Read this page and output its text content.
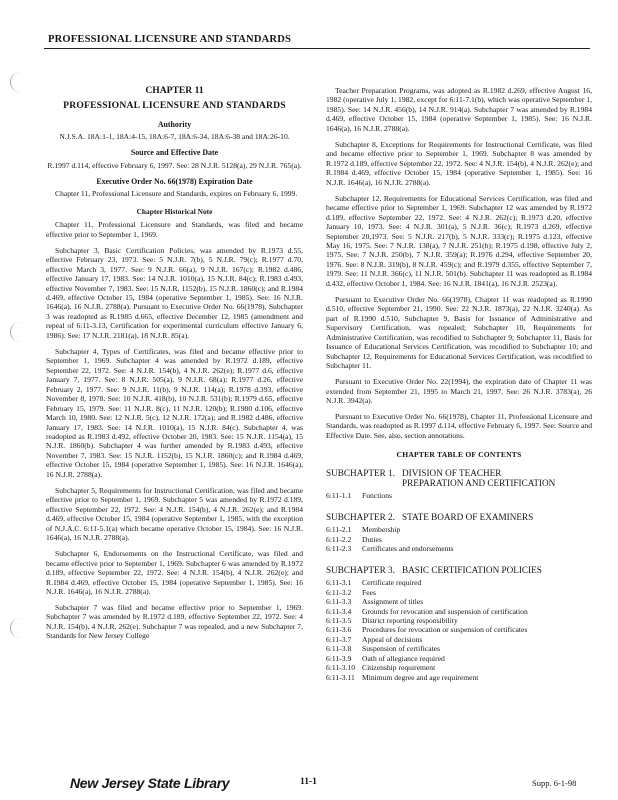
PROFESSIONAL LICENSURE AND STANDARDS
CHAPTER 11
PROFESSIONAL LICENSURE AND STANDARDS
Authority

N.J.S.A. 18A:1-1, 18A:4-15, 18A:6-7, 18A:6-34, 18A:6-38 and 18A:26-10.

Source and Effective Date

R.1997 d.114, effective February 6, 1997. See: 28 N.J.R. 5128(a), 29 N.J.R. 765(a).

Executive Order No. 66(1978) Expiration Date

Chapter 11, Professional Licensure and Standards, expires on February 6, 1999.

Chapter Historical Note

Chapter 11, Professional Licensure and Standards, was filed and became effective prior to September 1, 1969.

Subchapter 3, Basic Certification Policies, was amended by R.1973 d.55, effective February 23, 1973. See: 5 N.J.R. 7(b), 5 N.J.R. 79(c); R.1977 d.70, effective March 3, 1977. See: 9 N.J.R. 66(a), 9 N.J.R. 167(c); R.1982 d.486, effective January 17, 1983. See: 14 N.J.R. 1010(a), 15 N.J.R. 84(c); R.1983 d.493, effective November 7, 1983. See: 15 N.J.R. 1152(b), 15 N.J.R. 1860(c); and R.1984 d.469, effective October 15, 1984 (operative September 1, 1985). See: 16 N.J.R. 1646(a), 16 N.J.R. 2788(a). Pursuant to Executive Order No. 66(1978), Subchapter 3 was readopted as R.1985 d.665, effective December 12, 1985 (amendment and repeal of 6:11-3.13, Certification for experimental curriculum effective January 6, 1986). See: 17 N.J.R. 2181(a), 18 N.J.R. 85(a).

Subchapter 4, Types of Certificates, was filed and became effective prior to September 1, 1969. Subchapter 4 was amended by R.1972 d.189, effective September 22, 1972. See: 4 N.J.R. 154(b), 4 N.J.R. 262(e); R.1977 d.6, effective January 7, 1977. See: 8 N.J.R. 505(a), 9 N.J.R. 68(a); R.1977 d.26, effective February 2, 1977. See: 9 N.J.R. 11(b), 9 N.J.R. 114(a); R.1978 d.393, effective November 8, 1978. See: 10 N.J.R. 418(b), 10 N.J.R. 531(b); R.1979 d.65, effective February 15, 1979. See: 11 N.J.R. 8(c), 11 N.J.R. 120(b); R.1980 d.106, effective March 10, 1980. See: 12 N.J.R. 5(c), 12 N.J.R. 172(a); and R.1982 d.486, effective January 17, 1983. See: 14 N.J.R. 1010(a), 15 N.J.R. 84(c). Subchapter 4, was readopted as R.1983 d.492, effective October 20, 1983. See: 15 N.J.R. 1154(a), 15 N.J.R. 1860(b). Subchapter 4 was further amended by R.1983 d.493, effective November 7, 1983. See: 15 N.J.R. 1152(b), 15 N.J.R. 1860(c); and R.1984 d.469, effective October 15, 1984 (operative September 1, 1985). See: 16 N.J.R. 1646(a), 16 N.J.R. 2788(a).

Subchapter 5, Requirements for Instructional Certification, was filed and became effective prior to September 1, 1969. Subchapter 5 was amended by R.1972 d.189, effective September 22, 1972. See: 4 N.J.R. 154(b), 4 N.J.R. 262(e); and R.1984 d.469, effective October 15, 1984 (operative September 1, 1985, with the exception of N.J.A.C. 6:11-5.1(a) which became operative October 15, 1984). See: 16 N.J.R. 1646(a), 16 N.J.R. 2788(a).

Subchapter 6, Endorsements on the Instructional Certificate, was filed and became effective prior to September 1, 1969. Subchapter 6 was amended by R.1972 d.189, effective September 22, 1972. See: 4 N.J.R. 154(b), 4 N.J.R. 262(e); and R.1984 d.469, effective October 15, 1984 (operative September 1, 1985). See: 16 N.J.R. 1646(a), 16 N.J.R. 2788(a).

Subchapter 7 was filed and became effective prior to September 1, 1969. Subchapter 7 was amended by R.1972 d.189, effective September 22, 1972. See: 4 N.J.R. 154(b), 4 N.J.R. 262(e). Subchapter 7 was repealed, and a new Subchapter 7, Standards for New Jersey College

Teacher Preparation Programs, was adopted as R.1982 d.269, effective August 16, 1982 (operative July 1, 1982, except for 6:11-7.1(b), which was operative September 1, 1985). See: 14 N.J.R. 456(b), 14 N.J.R. 914(a). Subchapter 7 was amended by R.1984 d.469, effective October 15, 1984 (operative September 1, 1985). See: 16 N.J.R. 1646(a), 16 N.J.R. 2788(a).

Subchapter 8, Exceptions for Requirements for Instructional Certificate, was filed and became effective prior to September 1, 1969. Subchapter 8 was amended by R.1972 d.189, effective September 22, 1972. See: 4 N.J.R. 154(b), 4 N.J.R. 262(e); and R.1984 d.469, effective October 15, 1984 (operative September 1, 1985). See: 16 N.J.R. 1646(a), 16 N.J.R. 2788(a).

Subchapter 12, Requirements for Educational Services Certification, was filed and became effective prior to September 1, 1969. Subchapter 12 was amended by R.1972 d.189, effective September 22, 1972. See: 4 N.J.R. 262(c); R.1973 d.20, effective January 10, 1973. See: 4 N.J.R. 301(a), 5 N.J.R. 36(c); R.1973 d.269, effective September 20,1973. See: 5 N.J.R. 217(b), 5 N.J.R. 333(c); R.1975 d.123, effective May 16, 1975. See: 7 N.J.R. 138(a), 7 N.J.R. 251(b); R.1975 d.198, effective July 2, 1975. See: 7 N.J.R. 250(b), 7 N.J.R. 359(a); R.1976 d.294, effective September 20, 1976. See: 8 N.J.R. 319(b), 8 N.J.R. 459(c); and R.1979 d.355, effective September 7, 1979. See: 11 N.J.R. 366(c), 11 N.J.R. 501(b). Subchapter 11 was readopted as R.1984 d.432, effective October 1, 1984. See: 16 N.J.R. 1841(a), 16 N.J.R. 2523(a).

Pursuant to Executive Order No. 66(1978), Chapter 11 was readopted as R.1990 d.510, effective September 21, 1990. See: 22 N.J.R. 1873(a), 22 N.J.R. 3240(a). As part of R.1990 d.510, Subchapter 9, Basis for Issuance of Administrative and Supervisory Certification, was repealed; Subchapter 10, Requirements for Administrative Certification, was recodified to Subchapter 9; Subchapter 11, Basis for Issuance of Educational Services Certification, was recodified to Subchapter 10; and Subchapter 12, Requirements for Educational Services Certification, was recodified to Subchapter 11.

Pursuant to Executive Order No. 22(1994), the expiration date of Chapter 11 was extended from September 21, 1995 to March 21, 1997. See: 26 N.J.R. 3783(a), 26 N.J.R. 3942(a).

Pursuant to Executive Order No. 66(1978), Chapter 11, Professional Licensure and Standards, was readopted as R.1997 d.114, effective February 6, 1997. See: Source and Effective Date. See, also, section annotations.

CHAPTER TABLE OF CONTENTS
SUBCHAPTER 1. DIVISION OF TEACHER
PREPARATION AND CERTIFICATION
6:11-1.1	Functions
SUBCHAPTER 2. STATE BOARD OF EXAMINERS
6:11-2.1	Membership
6:11-2.2	Duties
6:11-2.3	Certificates and endorsements
SUBCHAPTER 3. BASIC CERTIFICATION POLICIES
6:11-3.1	Certificate required
6:11-3.2	Fees
6:11-3.3	Assignment of titles
6:11-3.4	Grounds for revocation and suspension of certification
6:11-3.5	District reporting responsibility
6:11-3.6	Procedures for revocation or suspension of certificates
6:11-3.7	Appeal of decisions
6:11-3.8	Suspension of certificates
6:11-3.9	Oath of allegiance required
6:11-3.10 Citizenship requirement
6:11-3.11 Minimum degree and age requirement
New Jersey State Library	11-1	Supp. 6-1-98
